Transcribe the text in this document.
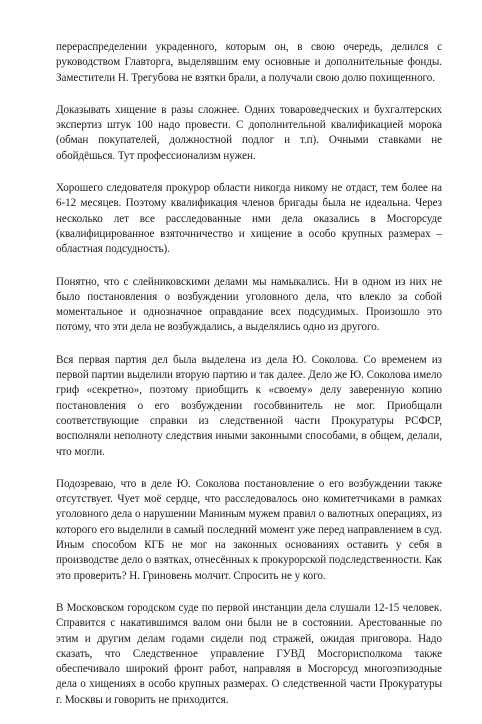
перераспределении украденного, которым он, в свою очередь, делился с руководством Главторга, выделявшим ему основные и дополнительные фонды. Заместители Н. Трегубова не взятки брали, а получали свою долю похищенного.

Доказывать хищение в разы сложнее. Одних товароведческих и бухгалтерских экспертиз штук 100 надо провести. С дополнительной квалификацией морока (обман покупателей, должностной подлог и т.п). Очными ставками не обойдёшься. Тут профессионализм нужен.

Хорошего следователя прокурор области никогда никому не отдаст, тем более на 6-12 месяцев. Поэтому квалификация членов бригады была не идеальна. Через несколько лет все расследованные ими дела оказались в Мосгорсуде (квалифицированное взяточничество и хищение в особо крупных размерах – областная подсудность).

Понятно, что с слейниковскими делами мы намыкались. Ни в одном из них не было постановления о возбуждении уголовного дела, что влекло за собой моментальное и однозначное оправдание всех подсудимых. Произошло это потому, что эти дела не возбуждались, а выделялись одно из другого.

Вся первая партия дел была выделена из дела Ю. Соколова. Со временем из первой партии выделили вторую партию и так далее. Дело же Ю. Соколова имело гриф «секретно», поэтому приобщить к «своему» делу заверенную копию постановления о его возбуждении гособвинитель не мог. Приобщали соответствующие справки из следственной части Прокуратуры РСФСР, восполняли неполноту следствия иными законными способами, в общем, делали, что могли.

Подозреваю, что в деле Ю. Соколова постановление о его возбуждении также отсутствует. Чует моё сердце, что расследовалось оно комитетчиками в рамках уголовного дела о нарушении Маниным мужем правил о валютных операциях, из которого его выделили в самый последний момент уже перед направлением в суд. Иным способом КГБ не мог на законных основаниях оставить у себя в производстве дело о взятках, отнесённых к прокурорской подследственности. Как это проверить? Н. Гриновень молчит. Спросить не у кого.

В Московском городском суде по первой инстанции дела слушали 12-15 человек. Справится с накатившимся валом они были не в состоянии. Арестованные по этим и другим делам годами сидели под стражей, ожидая приговора. Надо сказать, что Следственное управление ГУВД Мосгорисполкома также обеспечивало широкий фронт работ, направляя в Мосгорсуд многоэпизодные дела о хищениях в особо крупных размерах. О следственной части Прокуратуры г. Москвы и говорить не приходится.
